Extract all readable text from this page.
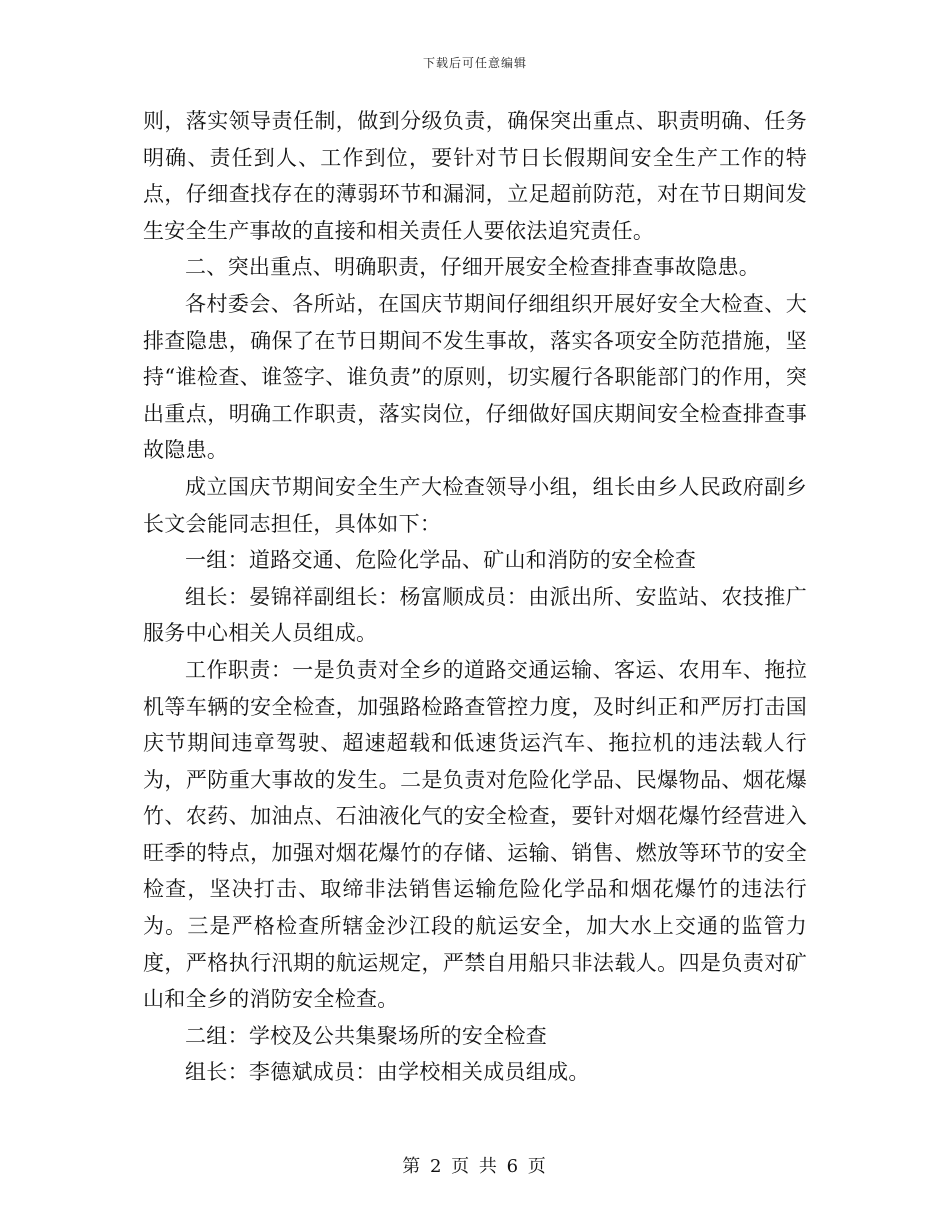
下载后可任意编辑

则，落实领导责任制，做到分级负责，确保突出重点、职责明确、任务明确、责任到人、工作到位，要针对节日长假期间安全生产工作的特点，仔细查找存在的薄弱环节和漏洞，立足超前防范，对在节日期间发生安全生产事故的直接和相关责任人要依法追究责任。

二、突出重点、明确职责，仔细开展安全检查排查事故隐患。

各村委会、各所站，在国庆节期间仔细组织开展好安全大检查、大排查隐患，确保了在节日期间不发生事故，落实各项安全防范措施，坚持“谁检查、谁签字、谁负责”的原则，切实履行各职能部门的作用，突出重点，明确工作职责，落实岗位，仔细做好国庆期间安全检查排查事故隐患。

成立国庆节期间安全生产大检查领导小组，组长由乡人民政府副乡长文会能同志担任，具体如下：

一组：道路交通、危险化学品、矿山和消防的安全检查

组长：晏锦祥副组长：杨富顺成员：由派出所、安监站、农技推广服务中心相关人员组成。

工作职责：一是负责对全乡的道路交通运输、客运、农用车、拖拉机等车辆的安全检查，加强路检路查管控力度，及时纠正和严厉打击国庆节期间违章驾驶、超速超载和低速货运汽车、拖拉机的违法载人行为，严防重大事故的发生。二是负责对危险化学品、民爆物品、烟花爆竹、农药、加油点、石油液化气的安全检查，要针对烟花爆竹经营进入旺季的特点，加强对烟花爆竹的存储、运输、销售、燃放等环节的安全检查，坚决打击、取缔非法销售运输危险化学品和烟花爆竹的违法行为。三是严格检查所辖金沙江段的航运安全，加大水上交通的监管力度，严格执行汛期的航运规定，严禁自用船只非法载人。四是负责对矿山和全乡的消防安全检查。

二组：学校及公共集聚场所的安全检查

组长：李德斌成员：由学校相关成员组成。

第 2 页 共 6 页
